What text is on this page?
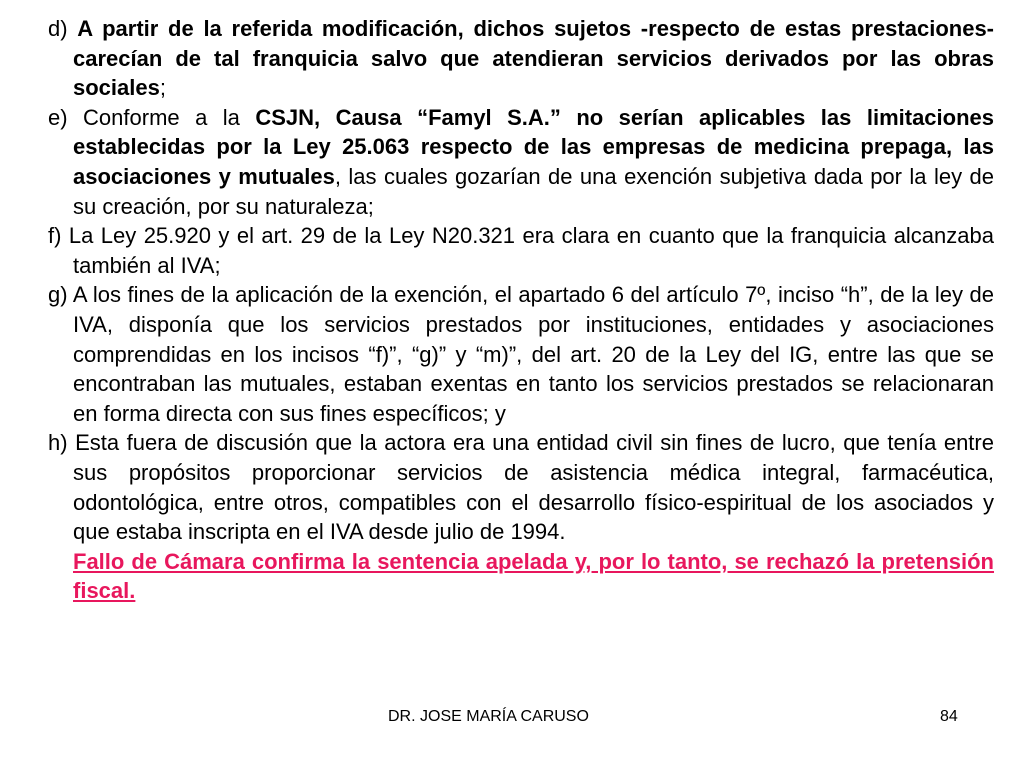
d) A partir de la referida modificación, dichos sujetos -respecto de estas prestaciones- carecían de tal franquicia salvo que atendieran servicios derivados por las obras sociales;

e) Conforme a la CSJN, Causa “Famyl S.A.” no serían aplicables las limitaciones establecidas por la Ley 25.063 respecto de las empresas de medicina prepaga, las asociaciones y mutuales, las cuales gozarían de una exención subjetiva dada por la ley de su creación, por su naturaleza;

f) La Ley 25.920 y el art. 29 de la Ley N20.321 era clara en cuanto que la franquicia alcanzaba también al IVA;

g) A los fines de la aplicación de la exención, el apartado 6 del artículo 7º, inciso “h”, de la ley de IVA, disponía que los servicios prestados por instituciones, entidades y asociaciones comprendidas en los incisos “f)”, “g)” y “m)”, del art. 20 de la Ley del IG, entre las que se encontraban las mutuales, estaban exentas en tanto los servicios prestados se relacionaran en forma directa con sus fines específicos; y

h) Esta fuera de discusión que la actora era una entidad civil sin fines de lucro, que tenía entre sus propósitos proporcionar servicios de asistencia médica integral, farmacéutica, odontológica, entre otros, compatibles con el desarrollo físico-espiritual de los asociados y que estaba inscripta en el IVA desde julio de 1994.

Fallo de Cámara confirma la sentencia apelada y, por lo tanto, se rechazó la pretensión fiscal.

DR. JOSE MARÍA CARUSO	84
